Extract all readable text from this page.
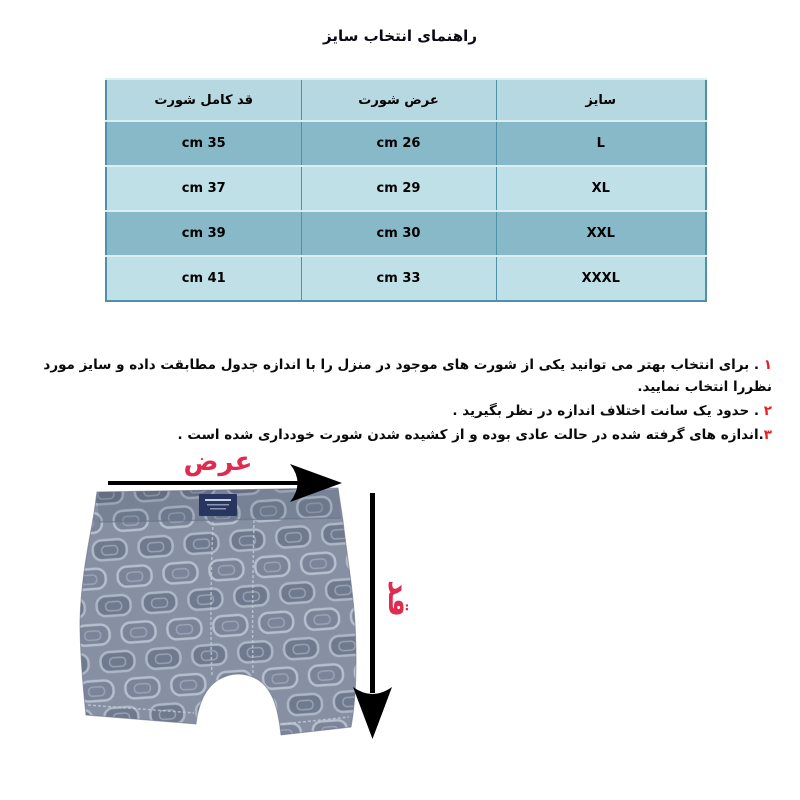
راهنمای انتخاب سایز
سایز	عرض شورت	قد کامل شورت
L	26 cm	35 cm
XL	29 cm	37 cm
XXL	30 cm	39 cm
XXXL	33 cm	41 cm

۱ . برای انتخاب بهتر می توانید یکی از شورت های موجود در منزل را با اندازه جدول مطابقت داده و سایز مورد نظررا انتخاب نمایید.

۲ . حدود یک سانت اختلاف اندازه در نظر بگیرید .

۳.اندازه های گرفته شده در حالت عادی بوده و از کشیده شدن شورت خودداری شده است .

عرض
قد
